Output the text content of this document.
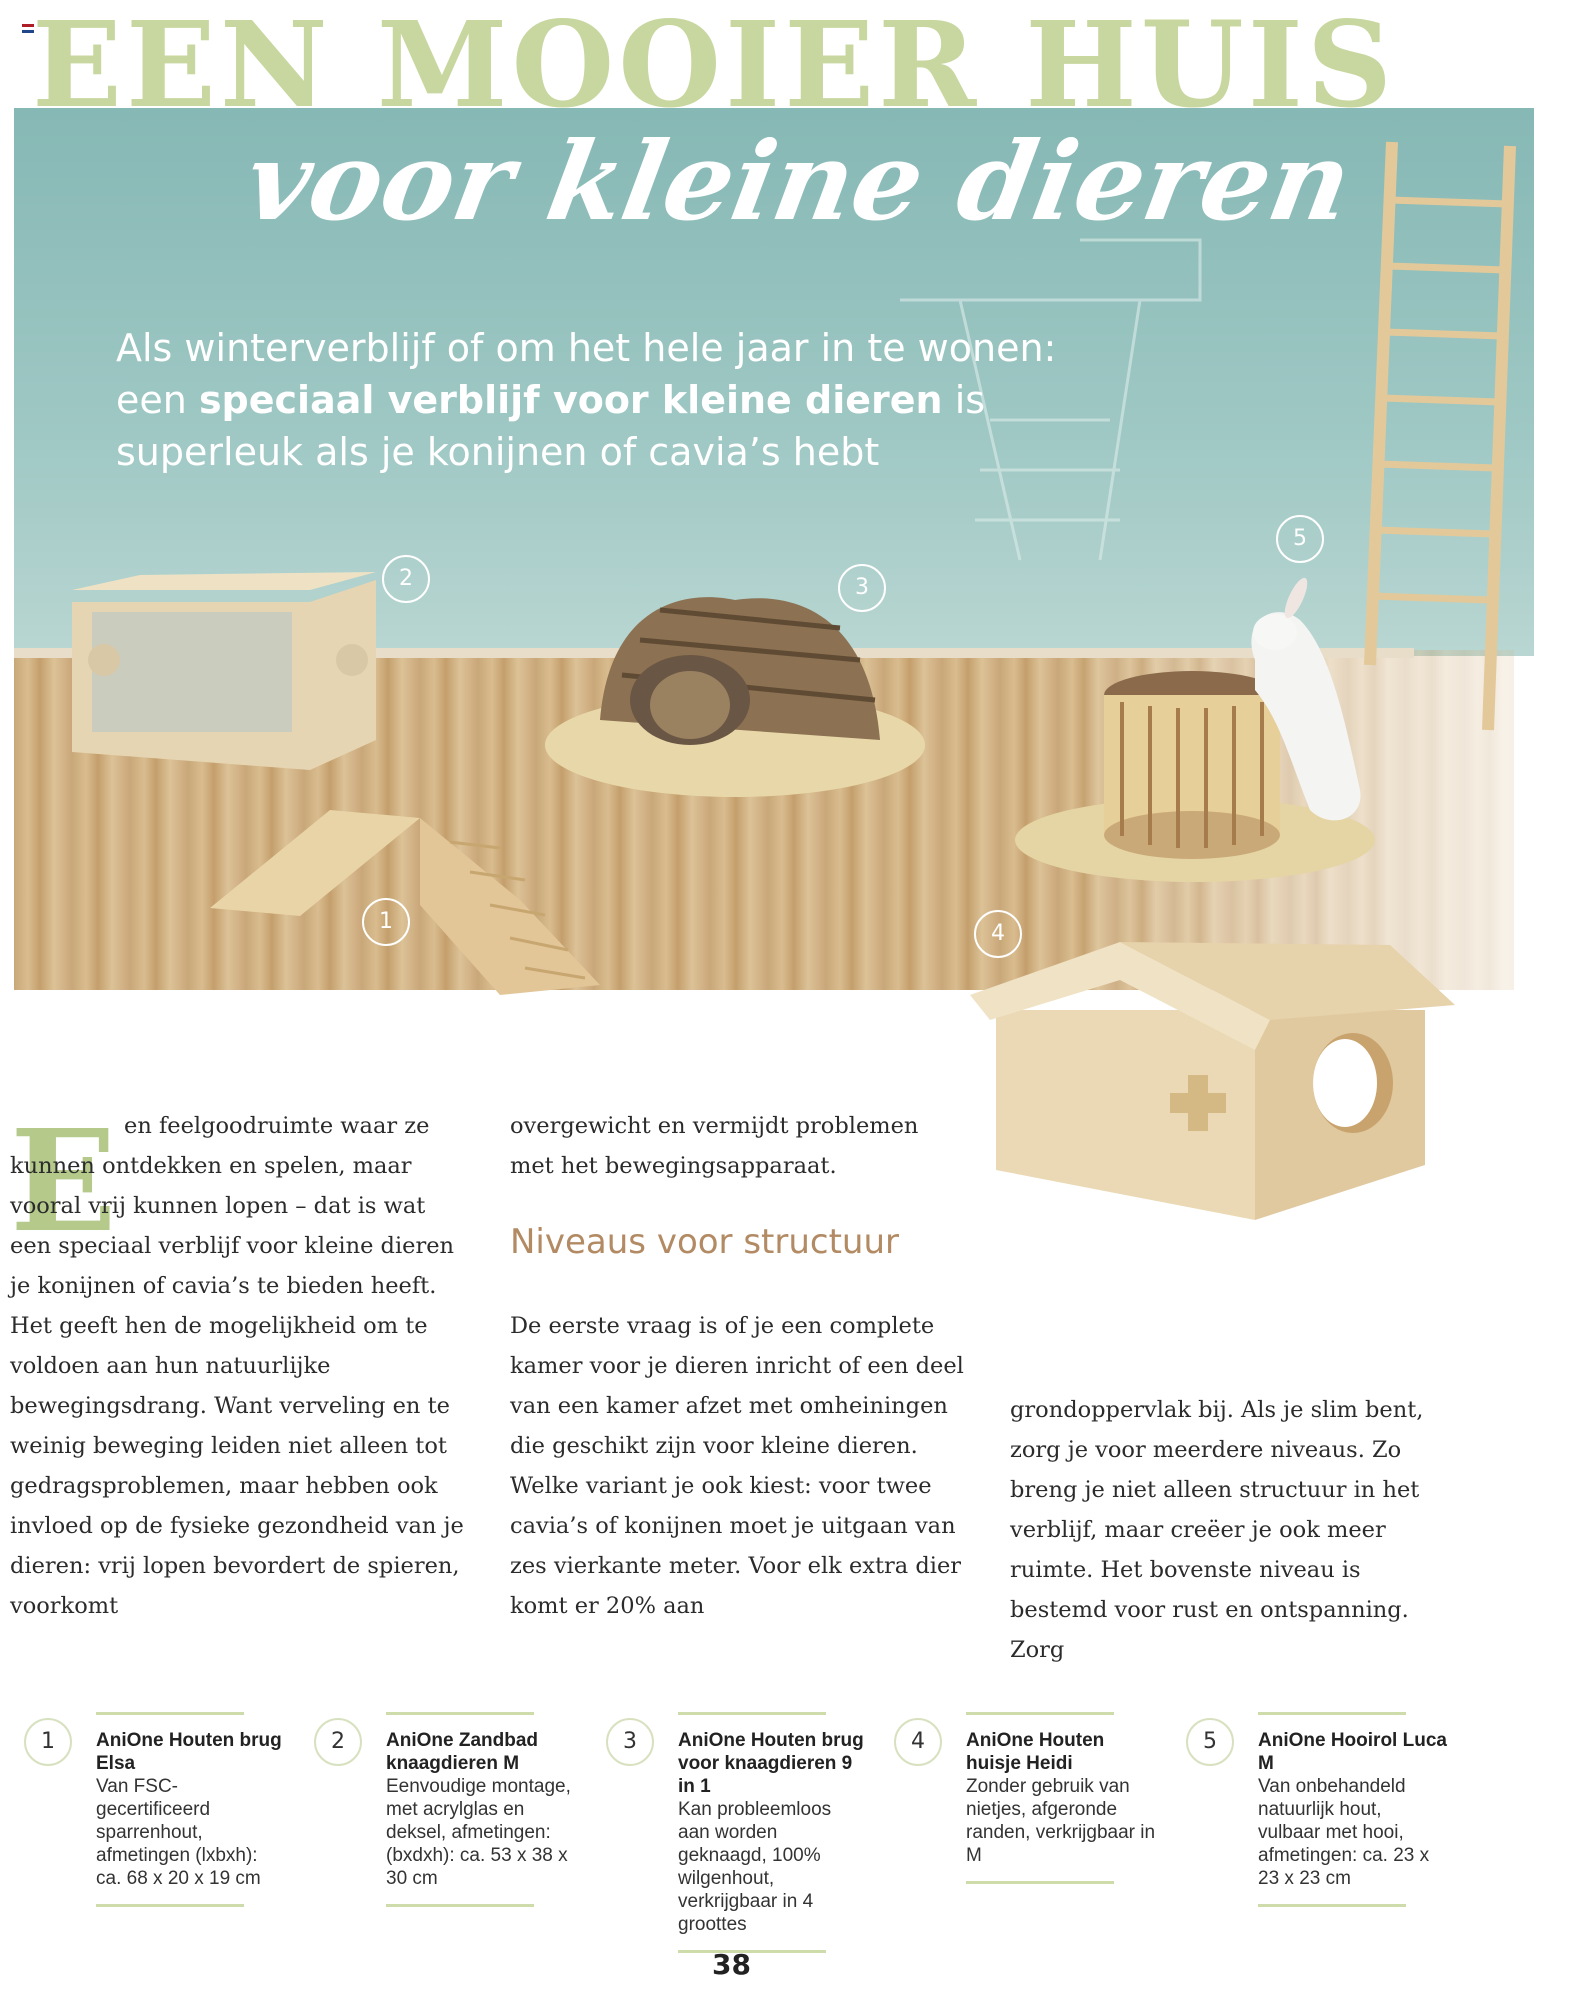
1
2	3
4
5
EEN MOOIER HUIS
voor kleine dieren

Als winterverblijf of om het hele jaar in te wonen: een speciaal verblijf voor kleine dieren is superleuk als je konijnen of cavia’s hebt

E en feelgoodruimte waar ze kunnen ontdekken en spelen, maar vooral vrij kunnen lopen – dat is wat een speciaal verblijf voor kleine dieren je konijnen of cavia’s te bieden heeft. Het geeft hen de mogelijkheid om te voldoen aan hun natuurlijke bewegingsdrang. Want verveling en te weinig beweging leiden niet alleen tot gedragsproblemen, maar hebben ook invloed op de fysieke gezondheid van je dieren: vrij lopen bevordert de spieren, voorkomt

overgewicht en vermijdt problemen met het bewegingsapparaat.

Niveaus voor structuur

De eerste vraag is of je een complete kamer voor je dieren inricht of een deel van een kamer afzet met omheiningen die geschikt zijn voor kleine dieren. Welke variant je ook kiest: voor twee cavia’s of konijnen moet je uitgaan van zes vierkante meter. Voor elk extra dier komt er 20% aan

grondoppervlak bij. Als je slim bent, zorg je voor meerdere niveaus. Zo breng je niet alleen structuur in het verblijf, maar creëer je ook meer ruimte. Het bovenste niveau is bestemd voor rust en ontspanning. Zorg

1	AniOne Houten brug Elsa

Van FSC-gecertificeerd sparrenhout, afmetingen (lxbxh): ca. 68 x 20 x 19 cm

2	AniOne Zandbad knaagdieren M

Eenvoudige montage, met acrylglas en deksel, afmetingen: (bxdxh): ca. 53 x 38 x 30 cm

3	AniOne Houten brug voor knaagdieren 9 in 1

Kan probleemloos aan worden geknaagd, 100% wilgenhout, verkrijgbaar in 4 groottes

4	AniOne Houten huisje Heidi

Zonder gebruik van nietjes, afgeronde randen, verkrijgbaar in M

5	AniOne Hooirol Luca M

Van onbehandeld natuurlijk hout, vulbaar met hooi, afmetingen: ca. 23 x 23 x 23 cm

38
